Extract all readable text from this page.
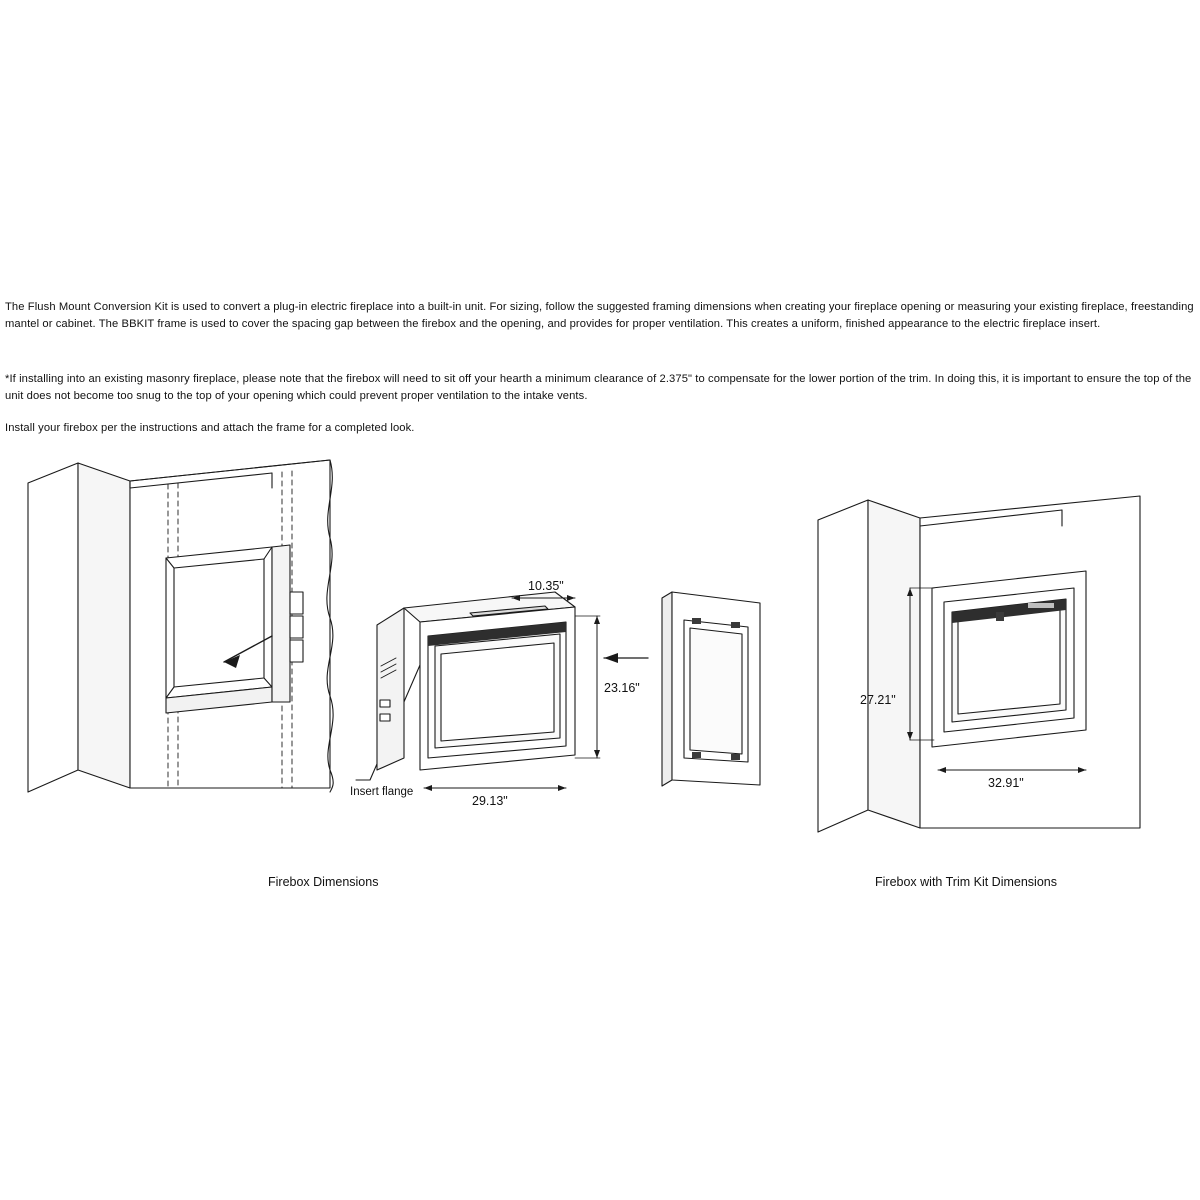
The Flush Mount Conversion Kit is used to convert a plug-in electric fireplace into a built-in unit. For sizing, follow the suggested framing dimensions when creating your fireplace opening or measuring your existing fireplace, freestanding mantel or cabinet. The BBKIT frame is used to cover the spacing gap between the firebox and the opening, and provides for proper ventilation. This creates a uniform, finished appearance to the electric fireplace insert.
*If installing into an existing masonry fireplace, please note that the firebox will need to sit off your hearth a minimum clearance of 2.375" to compensate for the lower portion of the trim. In doing this, it is important to ensure the top of the unit does not become too snug to the top of your opening which could prevent proper ventilation to the intake vents.
Install your firebox per the instructions and attach the frame for a completed look.
10.35"
23.16"
29.13"
27.21"
32.91"
Insert flange
Firebox Dimensions	Firebox with Trim Kit Dimensions
